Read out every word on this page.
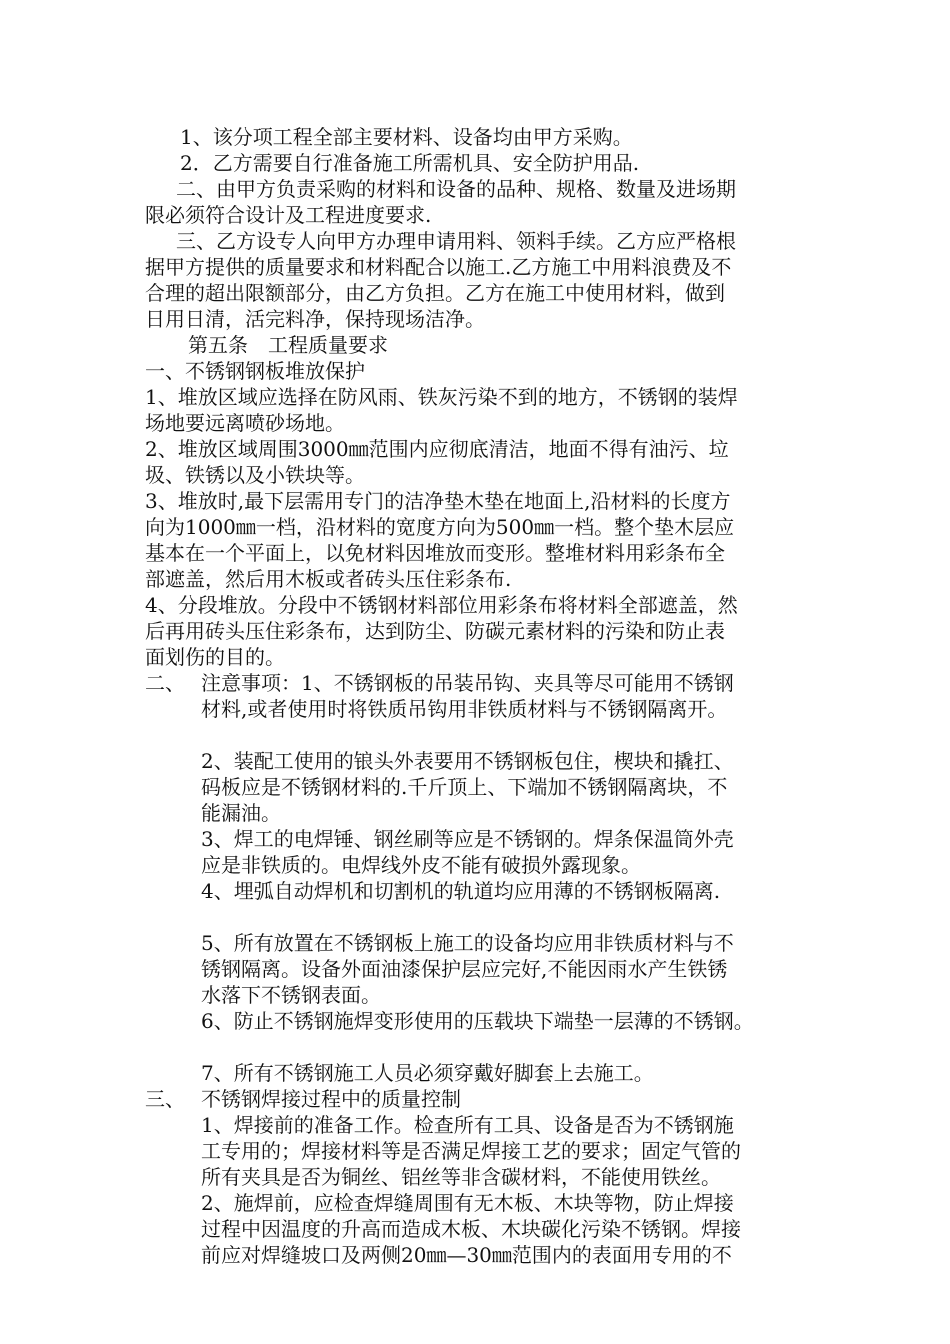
1、该分项工程全部主要材料、设备均由甲方采购。
2．乙方需要自行准备施工所需机具、安全防护用品.
二、由甲方负责采购的材料和设备的品种、规格、数量及进场期
限必须符合设计及工程进度要求.
三、乙方设专人向甲方办理申请用料、领料手续。乙方应严格根
据甲方提供的质量要求和材料配合以施工.乙方施工中用料浪费及不
合理的超出限额部分，由乙方负担。乙方在施工中使用材料，做到
日用日清，活完料净，保持现场洁净。
第五条　工程质量要求
一、不锈钢钢板堆放保护
1、堆放区域应选择在防风雨、铁灰污染不到的地方，不锈钢的装焊
场地要远离喷砂场地。
2、堆放区域周围3000㎜范围内应彻底清洁，地面不得有油污、垃
圾、铁锈以及小铁块等。
3、堆放时,最下层需用专门的洁净垫木垫在地面上,沿材料的长度方
向为1000㎜一档，沿材料的宽度方向为500㎜一档。整个垫木层应
基本在一个平面上，以免材料因堆放而变形。整堆材料用彩条布全
部遮盖，然后用木板或者砖头压住彩条布.
4、分段堆放。分段中不锈钢材料部位用彩条布将材料全部遮盖，然
后再用砖头压住彩条布，达到防尘、防碳元素材料的污染和防止表
面划伤的目的。
二、 注意事项：1、不锈钢板的吊装吊钩、夹具等尽可能用不锈钢
材料,或者使用时将铁质吊钩用非铁质材料与不锈钢隔离开。
2、装配工使用的锒头外表要用不锈钢板包住，楔块和撬扛、
码板应是不锈钢材料的.千斤顶上、下端加不锈钢隔离块，不
能漏油。
3、焊工的电焊锤、钢丝刷等应是不锈钢的。焊条保温筒外壳
应是非铁质的。电焊线外皮不能有破损外露现象。
4、埋弧自动焊机和切割机的轨道均应用薄的不锈钢板隔离.
5、所有放置在不锈钢板上施工的设备均应用非铁质材料与不
锈钢隔离。设备外面油漆保护层应完好,不能因雨水产生铁锈
水落下不锈钢表面。
6、防止不锈钢施焊变形使用的压载块下端垫一层薄的不锈钢。
7、所有不锈钢施工人员必须穿戴好脚套上去施工。
三、 不锈钢焊接过程中的质量控制
1、焊接前的准备工作。检查所有工具、设备是否为不锈钢施
工专用的；焊接材料等是否满足焊接工艺的要求；固定气管的
所有夹具是否为铜丝、铝丝等非含碳材料，不能使用铁丝。
2、施焊前，应检查焊缝周围有无木板、木块等物，防止焊接
过程中因温度的升高而造成木板、木块碳化污染不锈钢。焊接
前应对焊缝坡口及两侧20㎜—30㎜范围内的表面用专用的不
